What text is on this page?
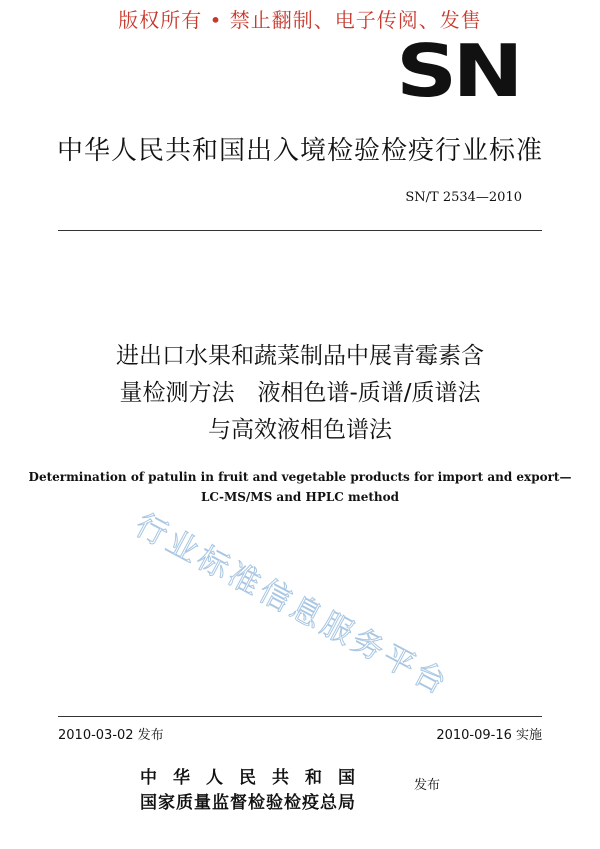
版权所有 • 禁止翻制、电子传阅、发售
SN
中华人民共和国出入境检验检疫行业标准
SN/T 2534—2010
进出口水果和蔬菜制品中展青霉素含
量检测方法　液相色谱-质谱/质谱法
与高效液相色谱法
Determination of patulin in fruit and vegetable products for import and export—
LC-MS/MS and HPLC method
行业标准信息服务平台
2010-03-02 发布	2010-09-16 实施
中华人民共和国
国家质量监督检验检疫总局
发布
